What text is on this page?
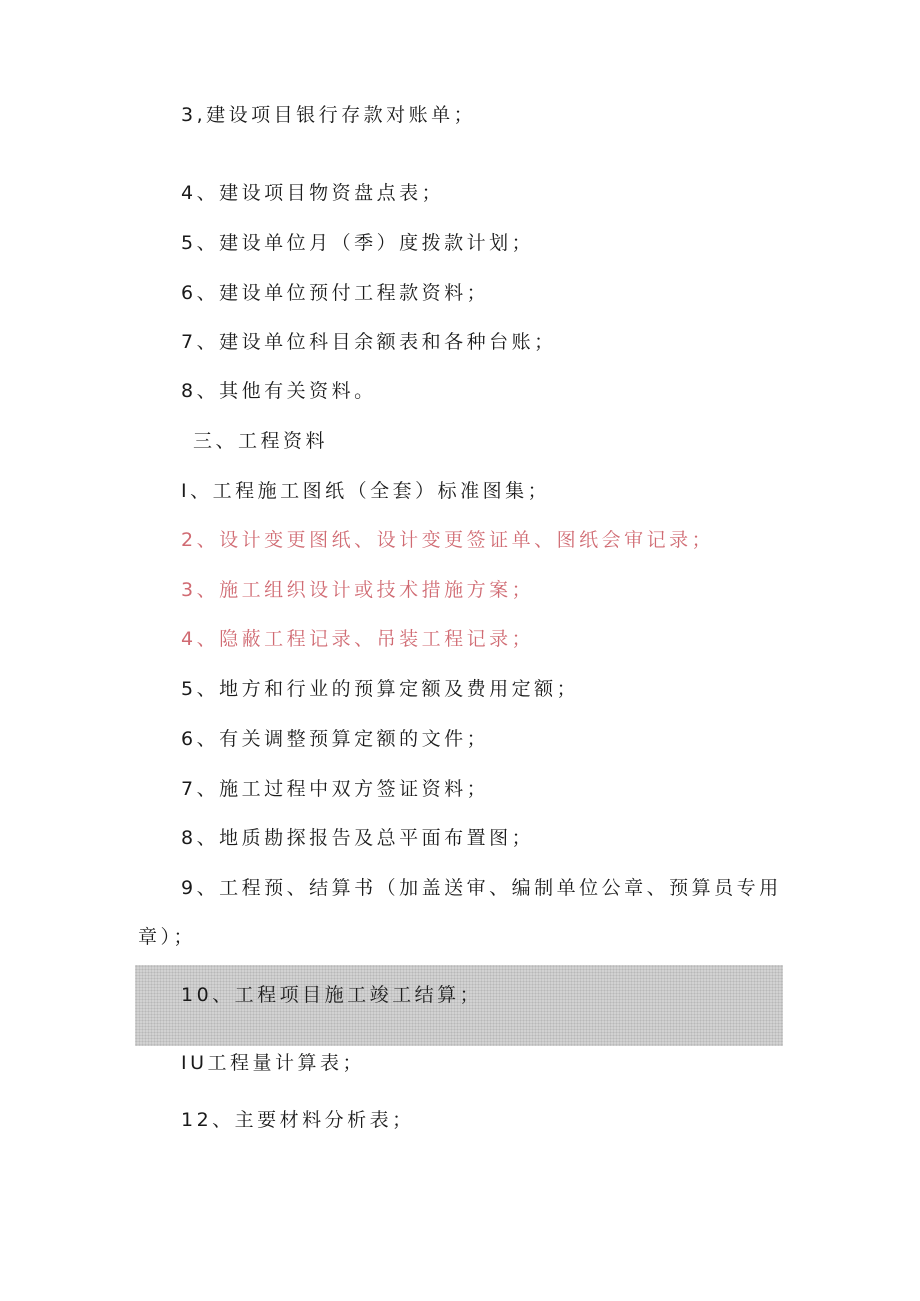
3,建设项目银行存款对账单；
4、建设项目物资盘点表；
5、建设单位月（季）度拨款计划；
6、建设单位预付工程款资料；
7、建设单位科目余额表和各种台账；
8、其他有关资料。
三、工程资料
I、工程施工图纸（全套）标准图集；
2、设计变更图纸、设计变更签证单、图纸会审记录；
3、施工组织设计或技术措施方案；
4、隐蔽工程记录、吊装工程记录；
5、地方和行业的预算定额及费用定额；
6、有关调整预算定额的文件；
7、施工过程中双方签证资料；
8、地质勘探报告及总平面布置图；
9、工程预、结算书（加盖送审、编制单位公章、预算员专用
章）；
10、工程项目施工竣工结算；
IU工程量计算表；
12、主要材料分析表；
